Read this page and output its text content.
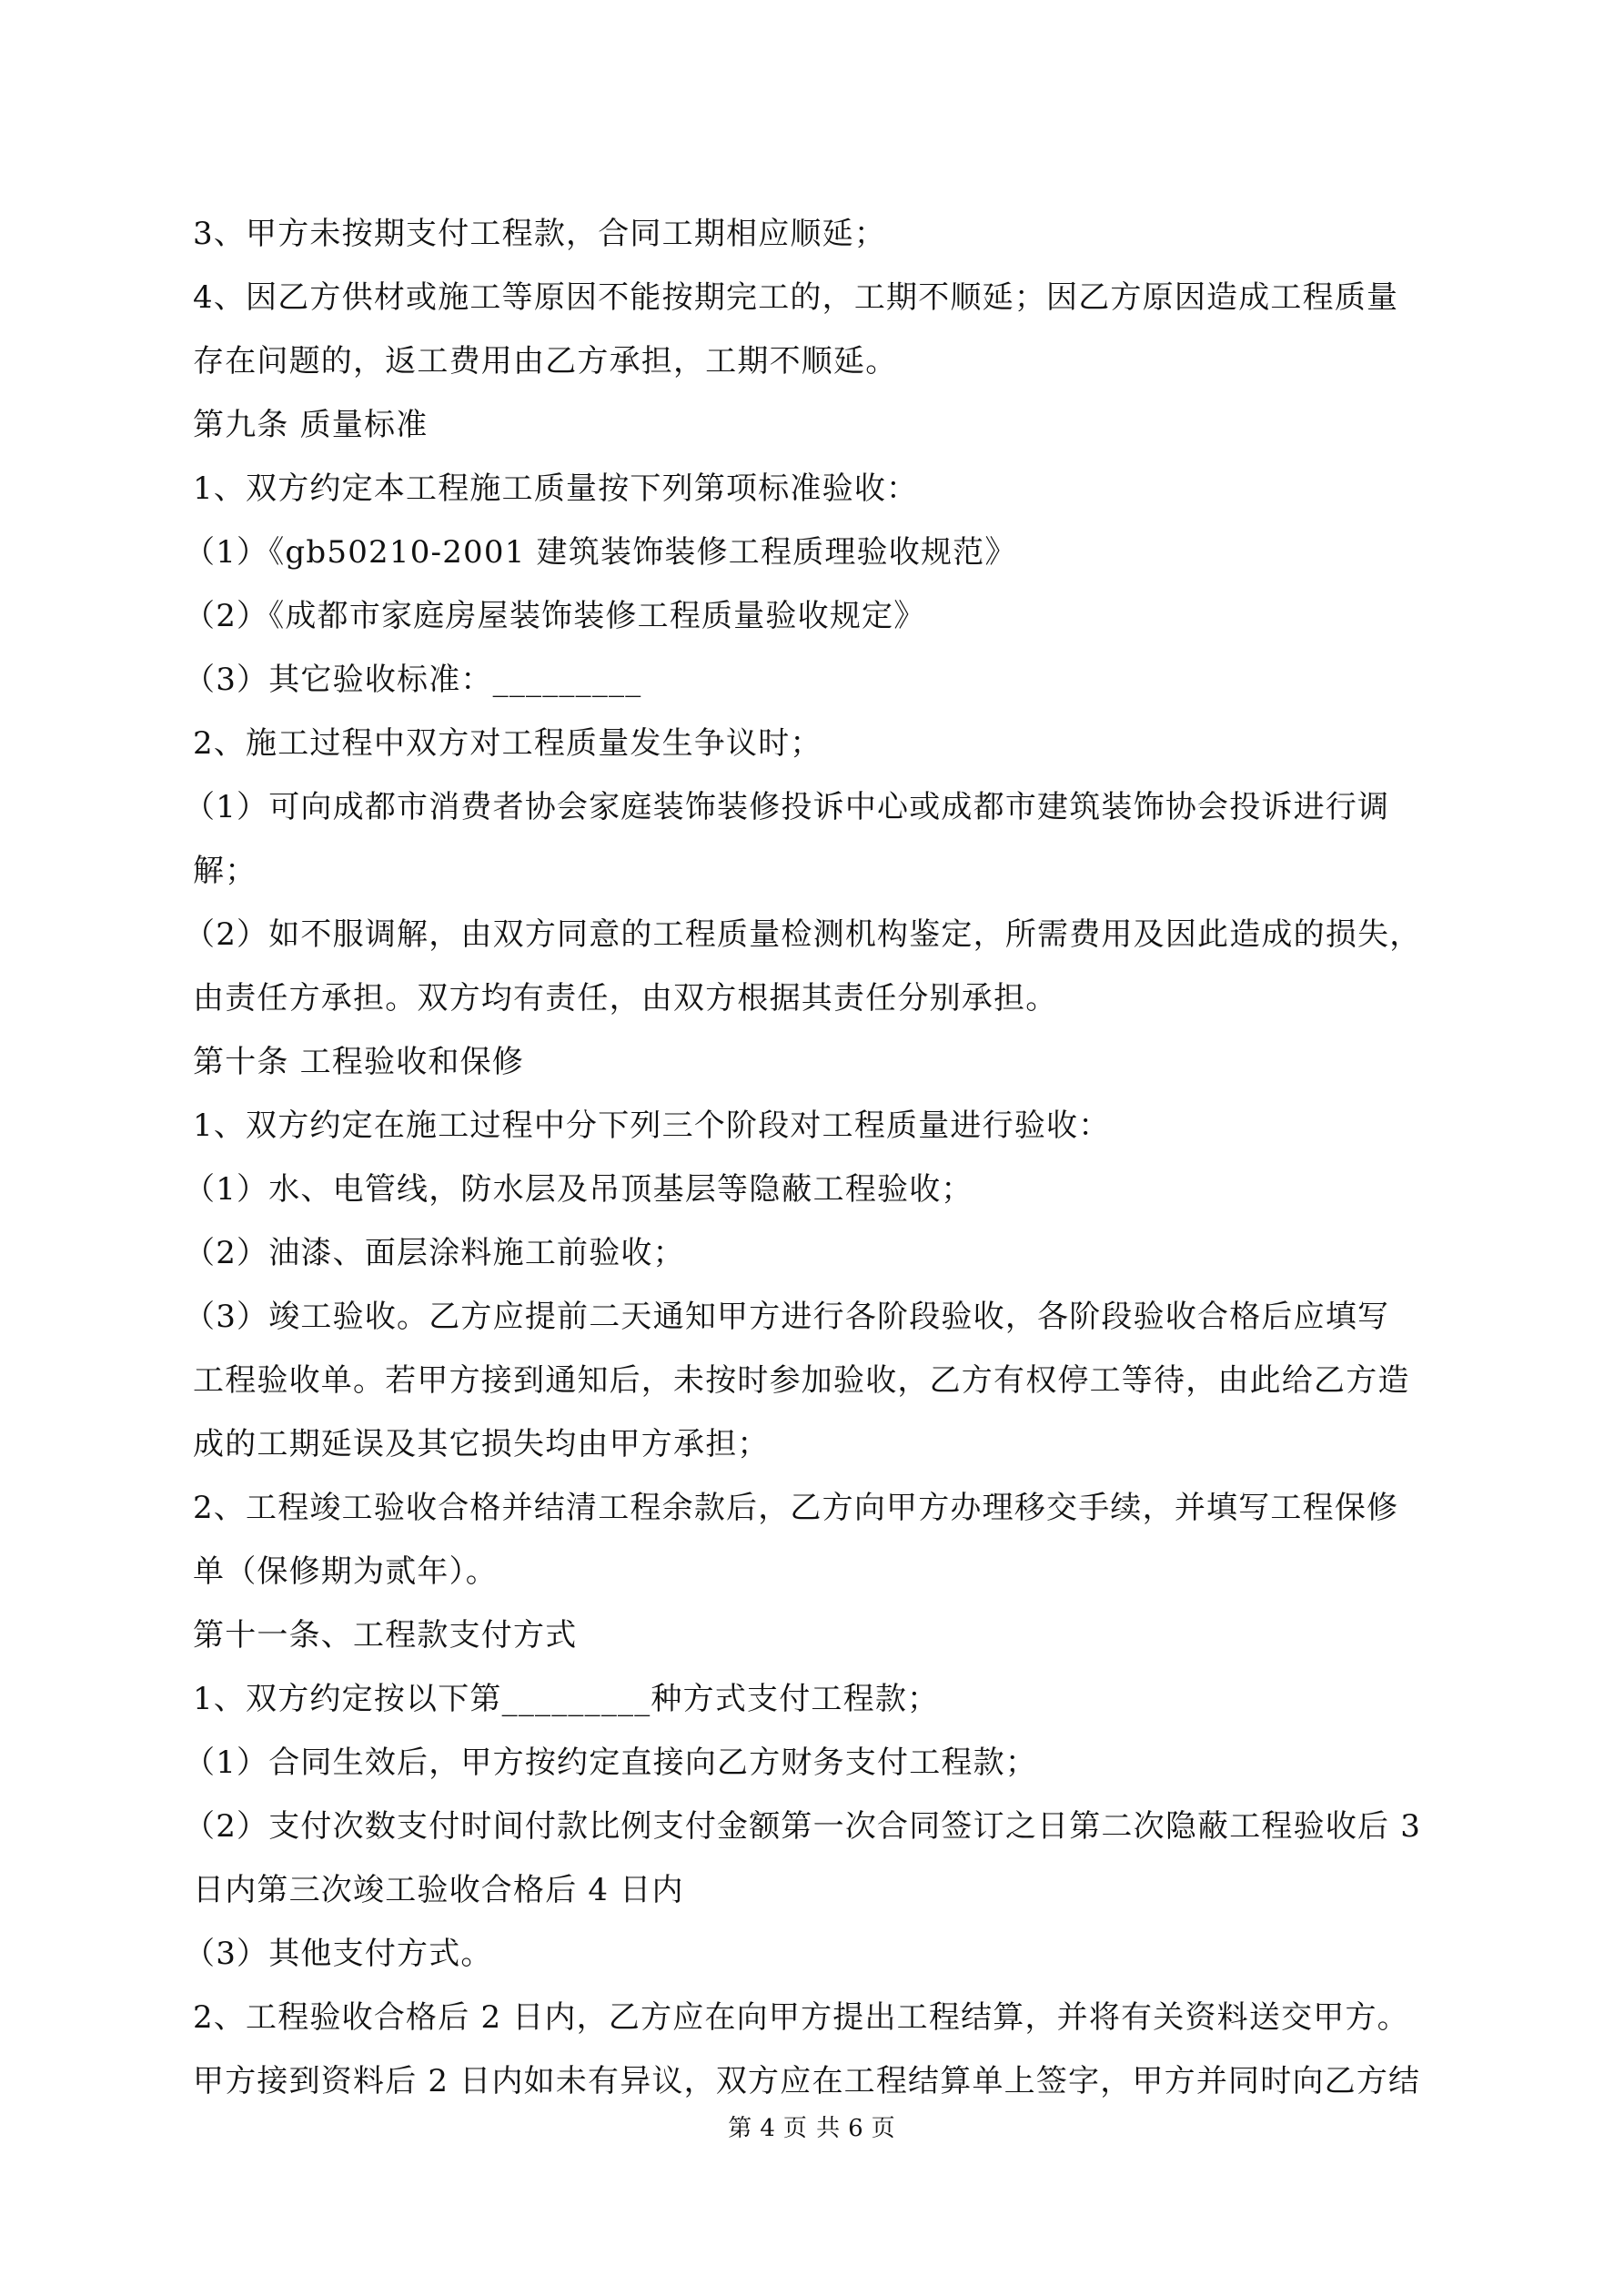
3、甲方未按期支付工程款，合同工期相应顺延；
4、因乙方供材或施工等原因不能按期完工的，工期不顺延；因乙方原因造成工程质量
存在问题的，返工费用由乙方承担，工期不顺延。
第九条 质量标准
1、双方约定本工程施工质量按下列第项标准验收：
（1）《gb50210-2001 建筑装饰装修工程质理验收规范》
（2）《成都市家庭房屋装饰装修工程质量验收规定》
（3）其它验收标准：_________
2、施工过程中双方对工程质量发生争议时；
（1）可向成都市消费者协会家庭装饰装修投诉中心或成都市建筑装饰协会投诉进行调
解；
（2）如不服调解，由双方同意的工程质量检测机构鉴定，所需费用及因此造成的损失，
由责任方承担。双方均有责任，由双方根据其责任分别承担。
第十条 工程验收和保修
1、双方约定在施工过程中分下列三个阶段对工程质量进行验收：
（1）水、电管线，防水层及吊顶基层等隐蔽工程验收；
（2）油漆、面层涂料施工前验收；
（3）竣工验收。乙方应提前二天通知甲方进行各阶段验收，各阶段验收合格后应填写
工程验收单。若甲方接到通知后，未按时参加验收，乙方有权停工等待，由此给乙方造
成的工期延误及其它损失均由甲方承担；
2、工程竣工验收合格并结清工程余款后，乙方向甲方办理移交手续，并填写工程保修
单（保修期为贰年）。
第十一条、工程款支付方式
1、双方约定按以下第_________种方式支付工程款；
（1）合同生效后，甲方按约定直接向乙方财务支付工程款；
（2）支付次数支付时间付款比例支付金额第一次合同签订之日第二次隐蔽工程验收后 3
日内第三次竣工验收合格后 4 日内
（3）其他支付方式。
2、工程验收合格后 2 日内，乙方应在向甲方提出工程结算，并将有关资料送交甲方。
甲方接到资料后 2 日内如未有异议，双方应在工程结算单上签字，甲方并同时向乙方结
第 4 页 共 6 页
